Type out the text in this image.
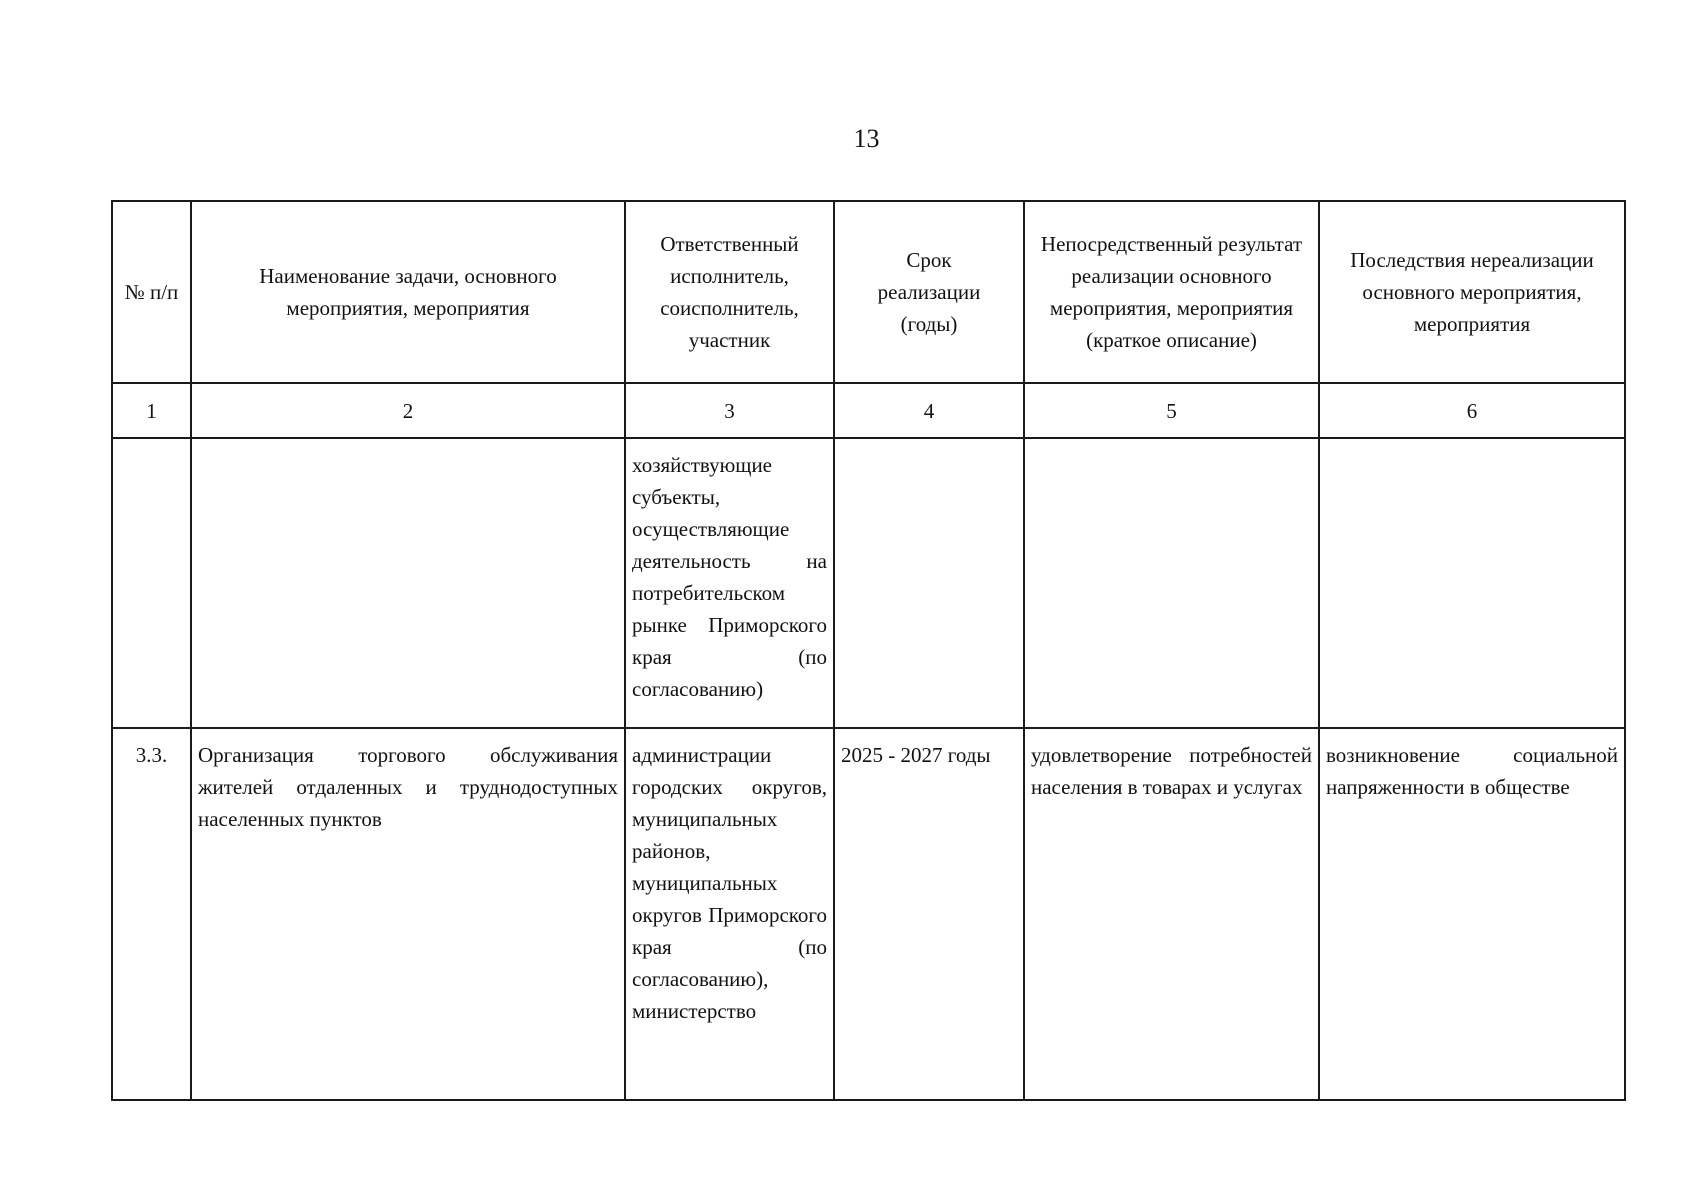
13
№ п/п	Наименование задачи, основного мероприятия, мероприятия	Ответственный исполнитель, соисполнитель, участник	Срок реализации (годы)	Непосредственный результат реализации основного мероприятия, мероприятия (краткое описание)	Последствия нереализации основного мероприятия, мероприятия
1	2	3	4	5	6
		хозяйствующие субъекты, осуществляющие деятельность на потребительском рынке Приморского края (по согласованию)			
3.3.	Организация торгового обслуживания жителей отдаленных и труднодоступных населенных пунктов	администрации городских округов, муниципальных районов, муниципальных округов Приморского края (по согласованию), министерство	2025 - 2027 годы	удовлетворение потребностей населения в товарах и услугах	возникновение социальной напряженности в обществе
